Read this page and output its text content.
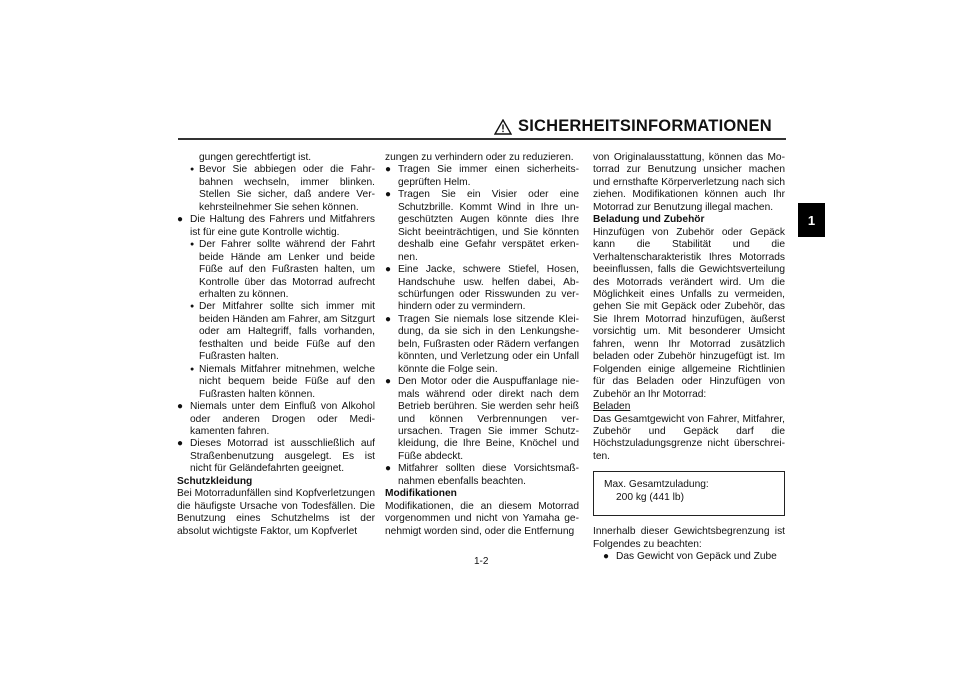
SICHERHEITSINFORMATIONEN
1
gungen gerechtfertigt ist.
● Bevor Sie abbiegen oder die Fahrbahnen wechseln, immer blinken. Stellen Sie sicher, daß andere Verkehrsteilnehmer Sie sehen können.
● Die Haltung des Fahrers und Mitfahrers ist für eine gute Kontrolle wichtig.
● Der Fahrer sollte während der Fahrt beide Hände am Lenker und beide Füße auf den Fußrasten halten, um Kontrolle über das Motorrad aufrecht erhalten zu können.
● Der Mitfahrer sollte sich immer mit beiden Händen am Fahrer, am Sitzgurt oder am Haltegriff, falls vorhanden, festhalten und beide Füße auf den Fußrasten halten.
● Niemals Mitfahrer mitnehmen, welche nicht bequem beide Füße auf den Fußrasten halten können.
● Niemals unter dem Einfluß von Alkohol oder anderen Drogen oder Medikamenten fahren.
● Dieses Motorrad ist ausschließlich auf Straßenbenutzung ausgelegt. Es ist nicht für Geländefahrten geeignet.
Schutzkleidung
Bei Motorradunfällen sind Kopfverletzungen die häufigste Ursache von Todesfällen. Die Benutzung eines Schutzhelms ist der absolut wichtigste Faktor, um Kopfverlet
zungen zu verhindern oder zu reduzieren.
● Tragen Sie immer einen sicherheitsgeprüften Helm.
● Tragen Sie ein Visier oder eine Schutzbrille. Kommt Wind in Ihre ungeschützten Augen könnte dies Ihre Sicht beeinträchtigen, und Sie könnten deshalb eine Gefahr verspätet erkennen.
● Eine Jacke, schwere Stiefel, Hosen, Handschuhe usw. helfen dabei, Abschürfungen oder Risswunden zu verhindern oder zu vermindern.
● Tragen Sie niemals lose sitzende Kleidung, da sie sich in den Lenkungshebeln, Fußrasten oder Rädern verfangen könnten, und Verletzung oder ein Unfall könnte die Folge sein.
● Den Motor oder die Auspuffanlage niemals während oder direkt nach dem Betrieb berühren. Sie werden sehr heiß und können Verbrennungen verursachen. Tragen Sie immer Schutzkleidung, die Ihre Beine, Knöchel und Füße abdeckt.
● Mitfahrer sollten diese Vorsichtsmaßnahmen ebenfalls beachten.
Modifikationen
Modifikationen, die an diesem Motorrad vorgenommen und nicht von Yamaha genehmigt worden sind, oder die Entfernung
von Originalausstattung, können das Motorrad zur Benutzung unsicher machen und ernsthafte Körperverletzung nach sich ziehen. Modifikationen können auch Ihr Motorrad zur Benutzung illegal machen.
Beladung und Zubehör
Hinzufügen von Zubehör oder Gepäck kann die Stabilität und die Verhaltenscharakteristik Ihres Motorrads beeinflussen, falls die Gewichtsverteilung des Motorrads verändert wird. Um die Möglichkeit eines Unfalls zu vermeiden, gehen Sie mit Gepäck oder Zubehör, das Sie Ihrem Motorrad hinzufügen, äußerst vorsichtig um. Mit besonderer Umsicht fahren, wenn Ihr Motorrad zusätzlich beladen oder Zubehör hinzugefügt ist. Im Folgenden einige allgemeine Richtlinien für das Beladen oder Hinzufügen von Zubehör an Ihr Motorrad:
Beladen
Das Gesamtgewicht von Fahrer, Mitfahrer, Zubehör und Gepäck darf die Höchstzuladungsgrenze nicht überschreiten.
Max. Gesamtzuladung:
200 kg (441 lb)
Innerhalb dieser Gewichtsbegrenzung ist Folgendes zu beachten:
● Das Gewicht von Gepäck und Zube
1-2
